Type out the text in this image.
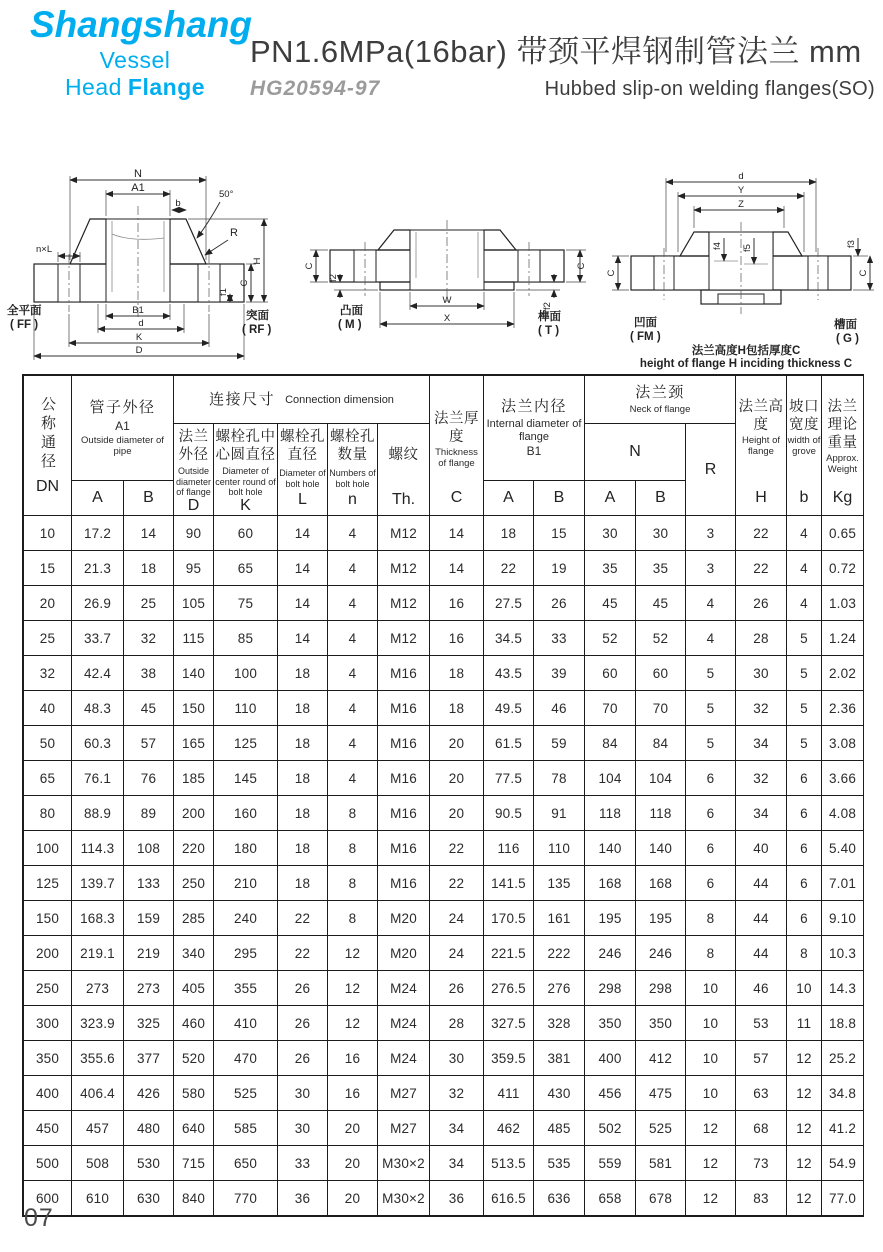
Shangshang
Vessel Head Flange
PN1.6MPa(16bar) 带颈平焊钢制管法兰 mm
HG20594-97	Hubbed slip-on welding flanges(SO)
N
A1
50°
b
R
n×L
B1
d
K
D
H
C
f1
全平面
( FF )
突面
( RF )
C
f2
C
f2
W
X
凸面
( M )
榫面
( T )
d
Y
Z
f4 f5
f3
C	C
凹面
( FM )
槽面
( G )
法兰高度H包括厚度C
height of flange H inciding thickness C
公称通径
DN
管子外径
A1
Outside diameter of pipe
连接尺寸 Connection dimension
法兰外径
Outside diameter of flange
D
螺栓孔中心圆直径
Diameter of center round of bolt hole
K
螺栓孔直径
Diameter of bolt hole
L
螺栓孔数量
Numbers of bolt hole
n
螺纹
Th.
法兰厚度
Thickness of flange
C
法兰内径
Internal diameter of flange
B1
法兰颈
Neck of flange
N
R
法兰高度
Height of flange
H
坡口宽度
width of grove
b
法兰理论重量
Approx. Weight
Kg
A	B	A	B	A	B
10	17.2	14	90	60	14	4	M12	14	18	15	30	30	3	22	4	0.65
15	21.3	18	95	65	14	4	M12	14	22	19	35	35	3	22	4	0.72
20	26.9	25	105	75	14	4	M12	16	27.5	26	45	45	4	26	4	1.03
25	33.7	32	115	85	14	4	M12	16	34.5	33	52	52	4	28	5	1.24
32	42.4	38	140	100	18	4	M16	18	43.5	39	60	60	5	30	5	2.02
40	48.3	45	150	110	18	4	M16	18	49.5	46	70	70	5	32	5	2.36
50	60.3	57	165	125	18	4	M16	20	61.5	59	84	84	5	34	5	3.08
65	76.1	76	185	145	18	4	M16	20	77.5	78	104	104	6	32	6	3.66
80	88.9	89	200	160	18	8	M16	20	90.5	91	118	118	6	34	6	4.08
100	114.3	108	220	180	18	8	M16	22	116	110	140	140	6	40	6	5.40
125	139.7	133	250	210	18	8	M16	22	141.5	135	168	168	6	44	6	7.01
150	168.3	159	285	240	22	8	M20	24	170.5	161	195	195	8	44	6	9.10
200	219.1	219	340	295	22	12	M20	24	221.5	222	246	246	8	44	8	10.3
250	273	273	405	355	26	12	M24	26	276.5	276	298	298	10	46	10	14.3
300	323.9	325	460	410	26	12	M24	28	327.5	328	350	350	10	53	11	18.8
350	355.6	377	520	470	26	16	M24	30	359.5	381	400	412	10	57	12	25.2
400	406.4	426	580	525	30	16	M27	32	411	430	456	475	10	63	12	34.8
450	457	480	640	585	30	20	M27	34	462	485	502	525	12	68	12	41.2
500	508	530	715	650	33	20	M30×2	34	513.5	535	559	581	12	73	12	54.9
600	610	630	840	770	36	20	M30×2	36	616.5	636	658	678	12	83	12	77.0
07
